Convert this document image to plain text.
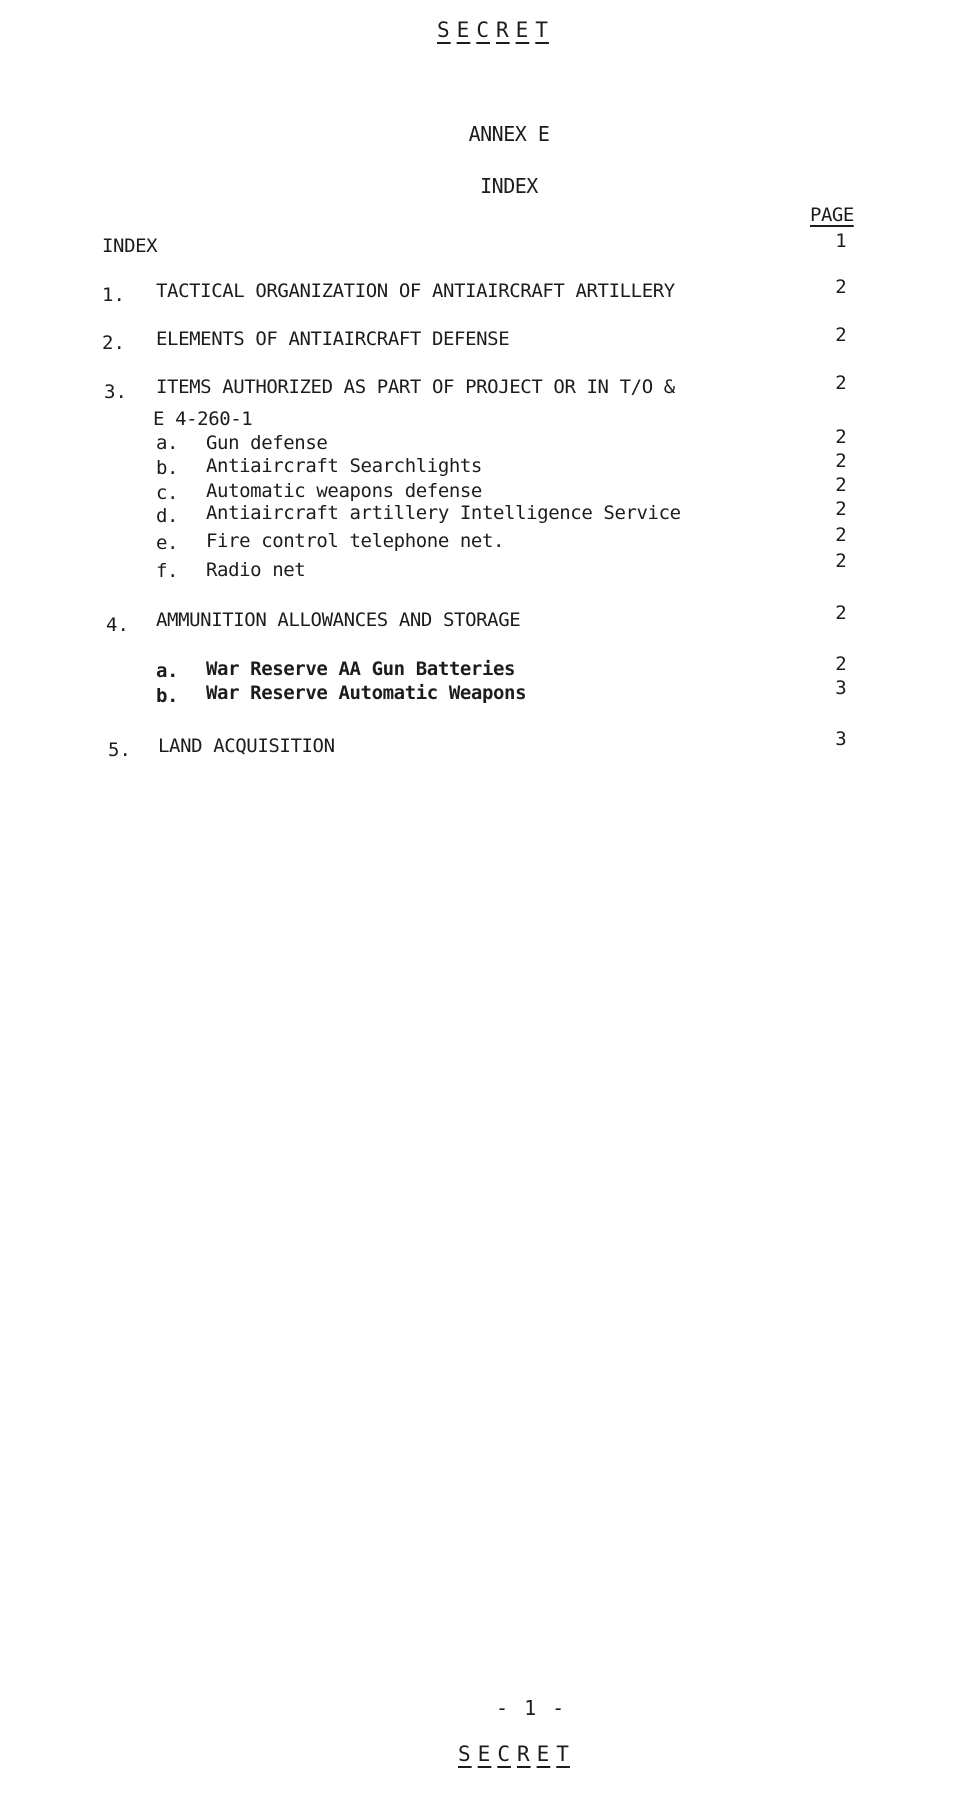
S E C R E T
ANNEX E
INDEX
PAGE
INDEX	1
1. TACTICAL ORGANIZATION OF ANTIAIRCRAFT ARTILLERY	2
2. ELEMENTS OF ANTIAIRCRAFT DEFENSE	2
3. ITEMS AUTHORIZED AS PART OF PROJECT OR IN T/O &
E 4-260-1
2
a. Gun defense	2
b. Antiaircraft Searchlights	2
c. Automatic weapons defense	2
d. Antiaircraft artillery Intelligence Service	2
e. Fire control telephone net.	2
f. Radio net	2
4. AMMUNITION ALLOWANCES AND STORAGE	2
a. War Reserve AA Gun Batteries	2
b. War Reserve Automatic Weapons	3
5. LAND ACQUISITION	3
- 1 -
S E C R E T
